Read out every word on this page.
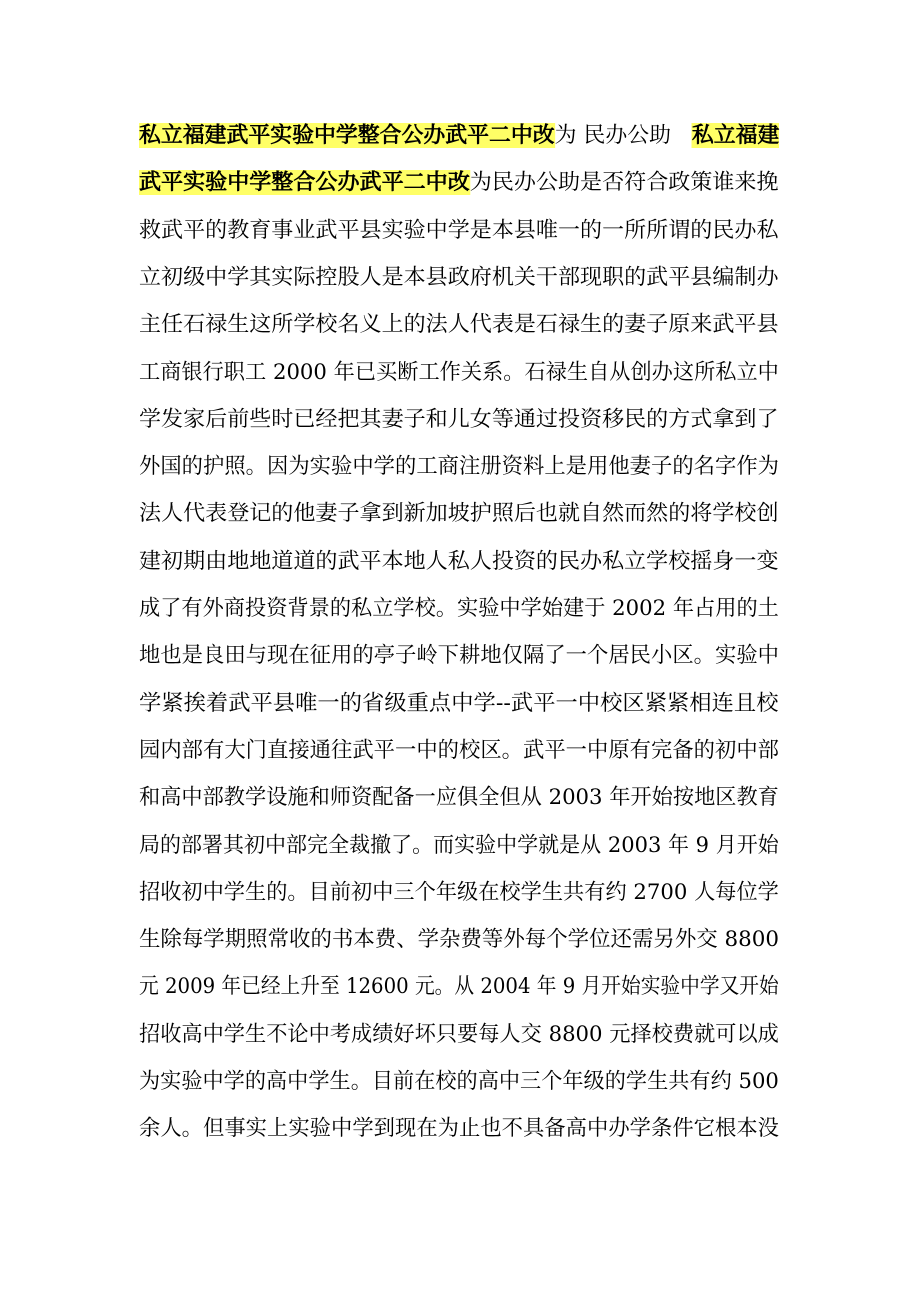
私立福建武平实验中学整合公办武平二中改为 民办公助   私立福建
武平实验中学整合公办武平二中改为民办公助是否符合政策谁来挽
救武平的教育事业武平县实验中学是本县唯一的一所所谓的民办私
立初级中学其实际控股人是本县政府机关干部现职的武平县编制办
主任石禄生这所学校名义上的法人代表是石禄生的妻子原来武平县
工商银行职工 2000 年已买断工作关系。石禄生自从创办这所私立中
学发家后前些时已经把其妻子和儿女等通过投资移民的方式拿到了
外国的护照。因为实验中学的工商注册资料上是用他妻子的名字作为
法人代表登记的他妻子拿到新加坡护照后也就自然而然的将学校创
建初期由地地道道的武平本地人私人投资的民办私立学校摇身一变
成了有外商投资背景的私立学校。实验中学始建于 2002 年占用的土
地也是良田与现在征用的亭子岭下耕地仅隔了一个居民小区。实验中
学紧挨着武平县唯一的省级重点中学--武平一中校区紧紧相连且校
园内部有大门直接通往武平一中的校区。武平一中原有完备的初中部
和高中部教学设施和师资配备一应俱全但从 2003 年开始按地区教育
局的部署其初中部完全裁撤了。而实验中学就是从 2003 年 9 月开始
招收初中学生的。目前初中三个年级在校学生共有约 2700 人每位学
生除每学期照常收的书本费、学杂费等外每个学位还需另外交 8800
元 2009 年已经上升至 12600 元。从 2004 年 9 月开始实验中学又开始
招收高中学生不论中考成绩好坏只要每人交 8800 元择校费就可以成
为实验中学的高中学生。目前在校的高中三个年级的学生共有约 500
余人。但事实上实验中学到现在为止也不具备高中办学条件它根本没
